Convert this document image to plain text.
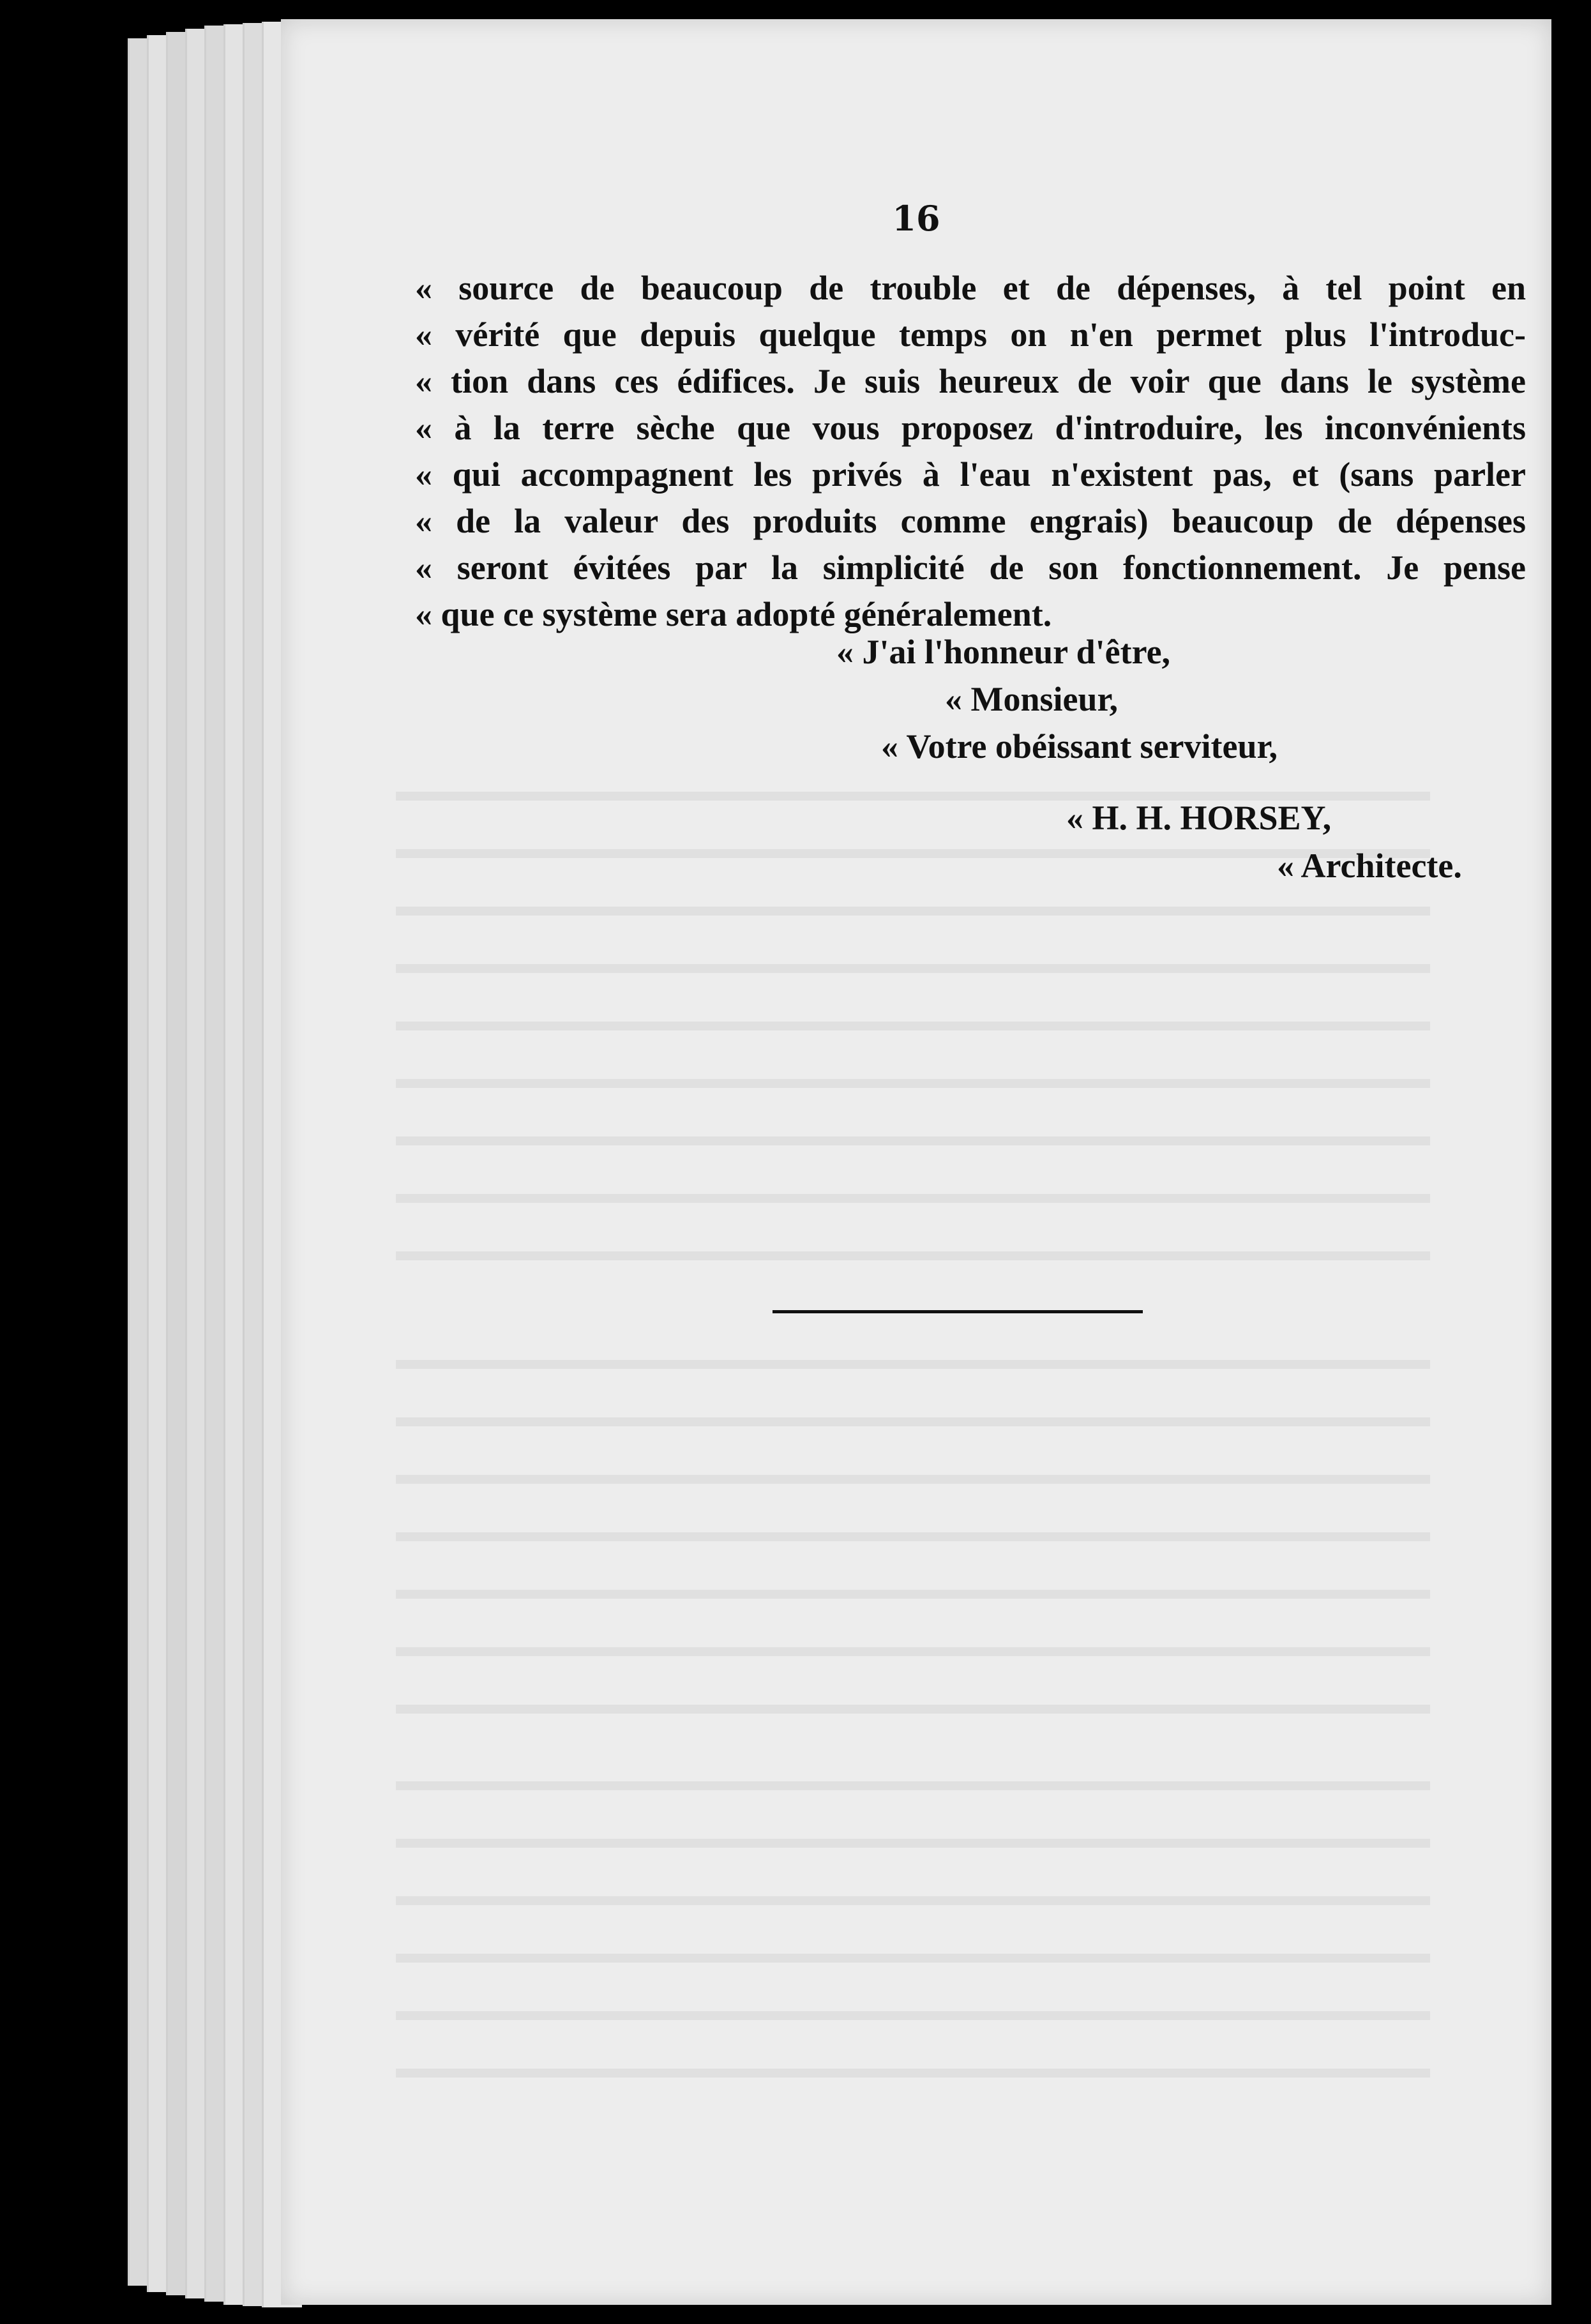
16
« source de beaucoup de trouble et de dépenses, à tel point en
« vérité que depuis quelque temps on n'en permet plus l'introduc-
« tion dans ces édifices. Je suis heureux de voir que dans le système
« à la terre sèche que vous proposez d'introduire, les inconvénients
« qui accompagnent les privés à l'eau n'existent pas, et (sans parler
« de la valeur des produits comme engrais) beaucoup de dépenses
« seront évitées par la simplicité de son fonctionnement. Je pense
« que ce système sera adopté généralement.
« J'ai l'honneur d'être,
« Monsieur,
« Votre obéissant serviteur,
« H. H. HORSEY,
« Architecte.
